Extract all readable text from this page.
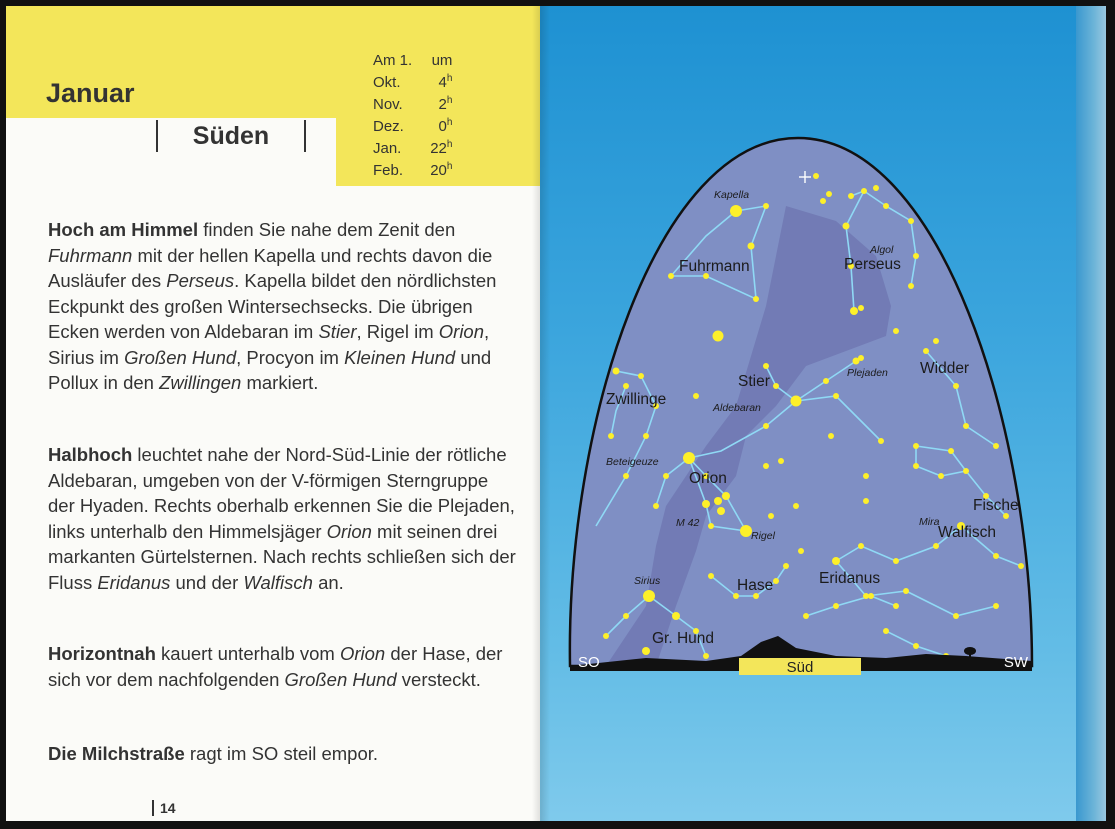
Januar
Süden
Am 1.	um
Okt.	4$^h$
Nov.	2$^h$
Dez.	0$^h$
Jan.	22$^h$
Feb.	20$^h$

Hoch am Himmel finden Sie nahe dem Zenit den Fuhrmann mit der hellen Kapella und rechts davon die Ausläufer des Perseus. Kapella bildet den nördlichsten Eckpunkt des großen Wintersechsecks. Die übrigen Ecken werden von Aldebaran im Stier, Rigel im Orion, Sirius im Großen Hund, Procyon im Kleinen Hund und Pollux in den Zwillingen markiert.

Halbhoch leuchtet nahe der Nord-Süd-Linie der rötliche Aldebaran, umgeben von der V-förmigen Sterngruppe der Hyaden. Rechts oberhalb erkennen Sie die Plejaden, links unterhalb den Himmelsjäger Orion mit seinen drei markanten Gürtelsternen. Nach rechts schließen sich der Fluss Eridanus und der Walfisch an.

Horizontnah kauert unterhalb vom Orion der Hase, der sich vor dem nachfolgenden Großen Hund versteckt.

Die Milchstraße ragt im SO steil empor.

14
Süd
SO	SW
Fuhrmann	Perseus
Zwillinge
Stier
Widder
Orion
Fische
Walfisch
Hase	Eridanus
Gr. Hund
Kapella
Algol
Plejaden
Aldebaran
Beteigeuze
M 42
Rigel
Mira
Sirius
